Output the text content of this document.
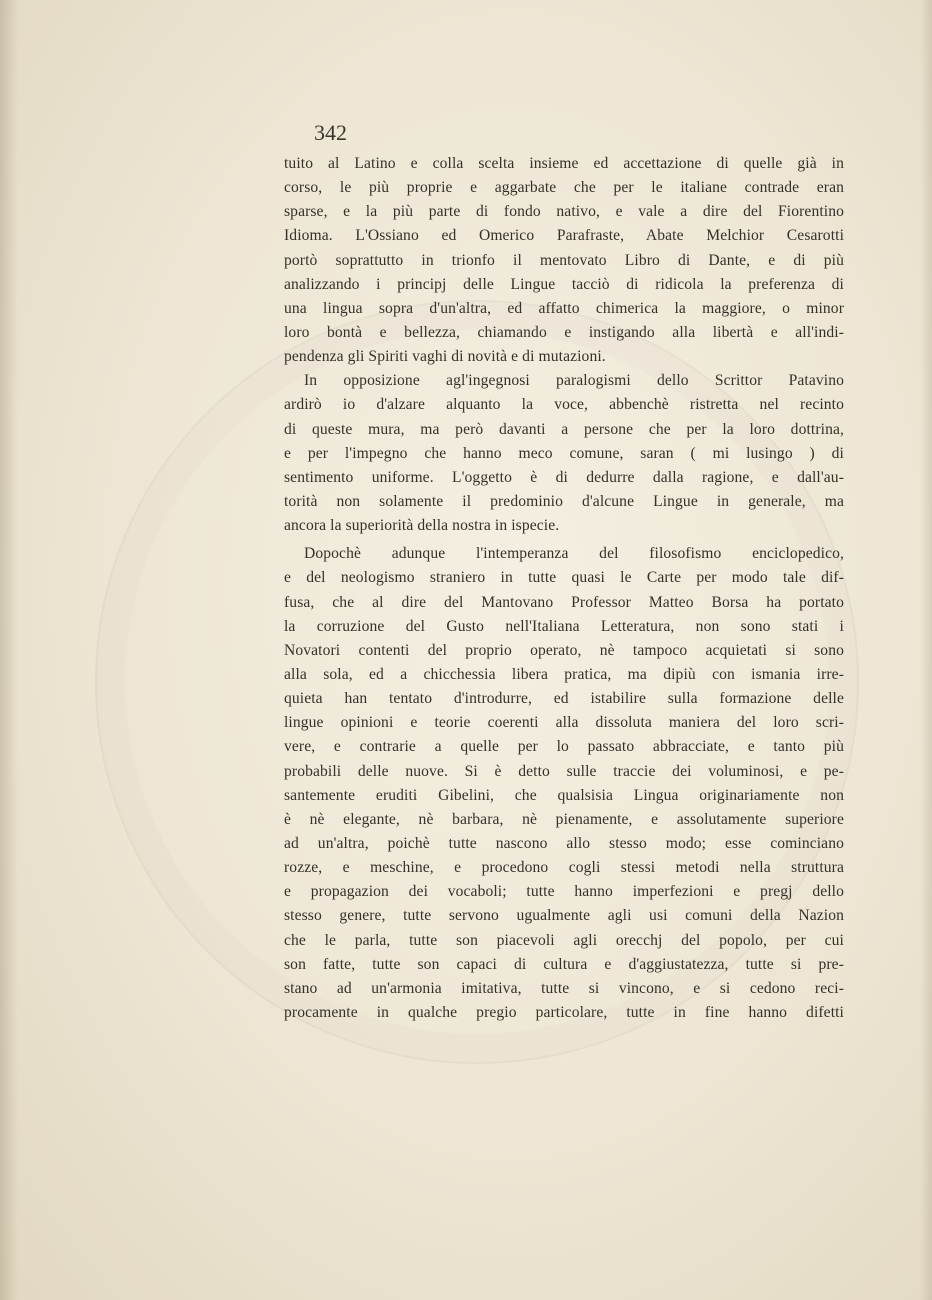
342
tuito al Latino e colla scelta insieme ed accettazione di quelle già in
corso, le più proprie e aggarbate che per le italiane contrade eran
sparse, e la più parte di fondo nativo, e vale a dire del Fiorentino
Idioma. L'Ossiano ed Omerico Parafraste, Abate Melchior Cesarotti
portò soprattutto in trionfo il mentovato Libro di Dante, e di più
analizzando i principj delle Lingue tacciò di ridicola la preferenza di
una lingua sopra d'un'altra, ed affatto chimerica la maggiore, o minor
loro bontà e bellezza, chiamando e instigando alla libertà e all'indi-
pendenza gli Spiriti vaghi di novità e di mutazioni.
In opposizione agl'ingegnosi paralogismi dello Scrittor Patavino
ardirò io d'alzare alquanto la voce, abbenchè ristretta nel recinto
di queste mura, ma però davanti a persone che per la loro dottrina,
e per l'impegno che hanno meco comune, saran ( mi lusingo ) di
sentimento uniforme. L'oggetto è di dedurre dalla ragione, e dall'au-
torità non solamente il predominio d'alcune Lingue in generale, ma
ancora la superiorità della nostra in ispecie.
Dopochè adunque l'intemperanza del filosofismo enciclopedico,
e del neologismo straniero in tutte quasi le Carte per modo tale dif-
fusa, che al dire del Mantovano Professor Matteo Borsa ha portato
la corruzione del Gusto nell'Italiana Letteratura, non sono stati i
Novatori contenti del proprio operato, nè tampoco acquietati si sono
alla sola, ed a chicchessia libera pratica, ma dipiù con ismania irre-
quieta han tentato d'introdurre, ed istabilire sulla formazione delle
lingue opinioni e teorie coerenti alla dissoluta maniera del loro scri-
vere, e contrarie a quelle per lo passato abbracciate, e tanto più
probabili delle nuove. Si è detto sulle traccie dei voluminosi, e pe-
santemente eruditi Gibelini, che qualsisia Lingua originariamente non
è nè elegante, nè barbara, nè pienamente, e assolutamente superiore
ad un'altra, poichè tutte nascono allo stesso modo; esse cominciano
rozze, e meschine, e procedono cogli stessi metodi nella struttura
e propagazion dei vocaboli; tutte hanno imperfezioni e pregj dello
stesso genere, tutte servono ugualmente agli usi comuni della Nazion
che le parla, tutte son piacevoli agli orecchj del popolo, per cui
son fatte, tutte son capaci di cultura e d'aggiustatezza, tutte si pre-
stano ad un'armonia imitativa, tutte si vincono, e si cedono reci-
procamente in qualche pregio particolare, tutte in fine hanno difetti
